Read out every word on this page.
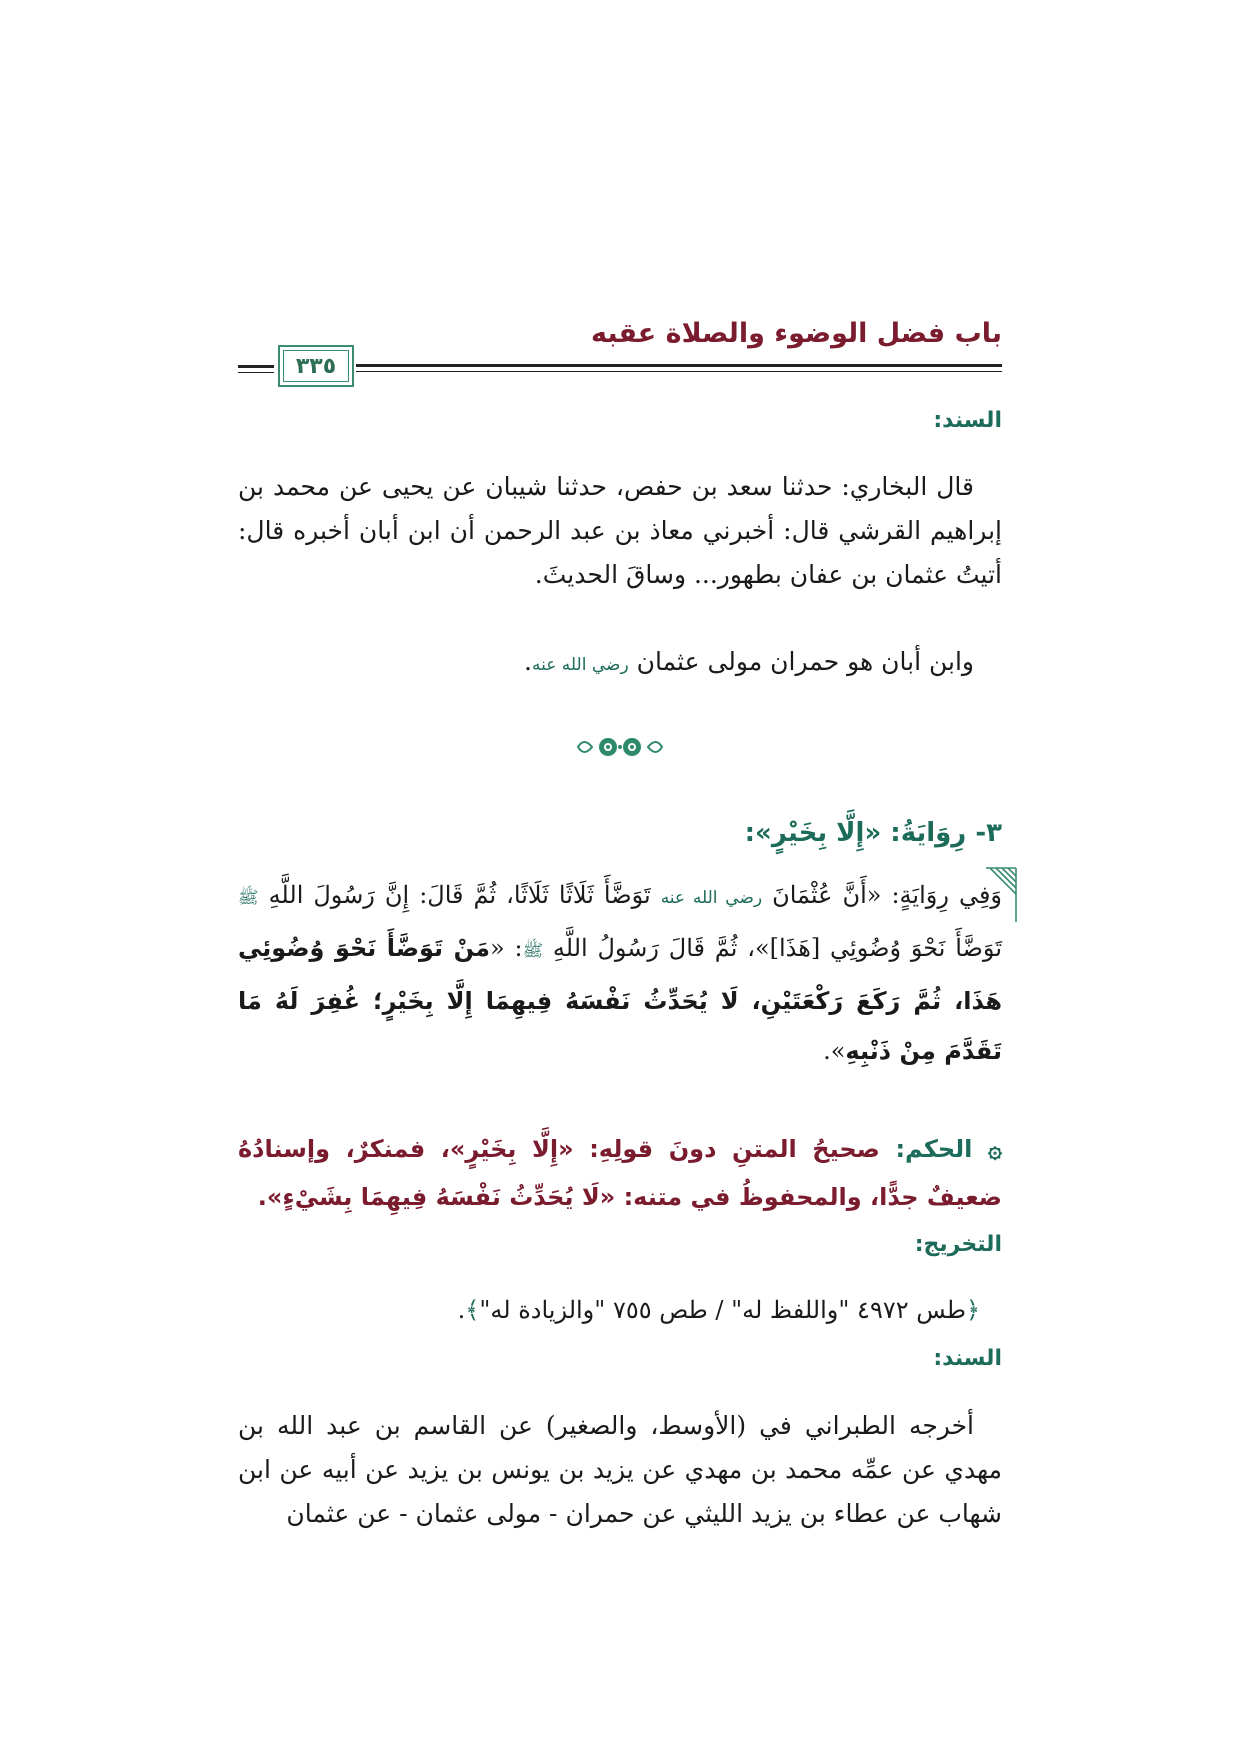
باب فضل الوضوء والصلاة عقبه
٣٣٥
السند:
قال البخاري: حدثنا سعد بن حفص، حدثنا شيبان عن يحيى عن محمد بن إبراهيم القرشي قال: أخبرني معاذ بن عبد الرحمن أن ابن أبان أخبره قال: أتيتُ عثمان بن عفان بطهور... وساقَ الحديثَ.
وابن أبان هو حمران مولى عثمان رضي الله عنه.
٣- رِوَايَةُ: «إِلَّا بِخَيْرٍ»:
وَفِي رِوَايَةٍ: «أَنَّ عُثْمَانَ رضي الله عنه تَوَضَّأَ ثَلَاثًا ثَلَاثًا، ثُمَّ قَالَ: إِنَّ رَسُولَ اللَّهِ ﷺ تَوَضَّأَ نَحْوَ وُضُوئِي [هَذَا]»، ثُمَّ قَالَ رَسُولُ اللَّهِ ﷺ: «مَنْ تَوَضَّأَ نَحْوَ وُضُوئِي هَذَا، ثُمَّ رَكَعَ رَكْعَتَيْنِ، لَا يُحَدِّثُ نَفْسَهُ فِيهِمَا إِلَّا بِخَيْرٍ؛ غُفِرَ لَهُ مَا تَقَدَّمَ مِنْ ذَنْبِهِ».
۞ الحكم: صحيحُ المتنِ دونَ قولِهِ: «إِلَّا بِخَيْرٍ»، فمنكرٌ، وإسنادُهُ ضعيفٌ جدًّا، والمحفوظُ في متنه: «لَا يُحَدِّثُ نَفْسَهُ فِيهِمَا بِشَيْءٍ».
التخريج:
﴿طس ٤٩٧٢ "واللفظ له" / طص ٧٥٥ "والزيادة له"﴾.
السند:
أخرجه الطبراني في (الأوسط، والصغير) عن القاسم بن عبد الله بن مهدي عن عمِّه محمد بن مهدي عن يزيد بن يونس بن يزيد عن أبيه عن ابن شهاب عن عطاء بن يزيد الليثي عن حمران - مولى عثمان - عن عثمان
